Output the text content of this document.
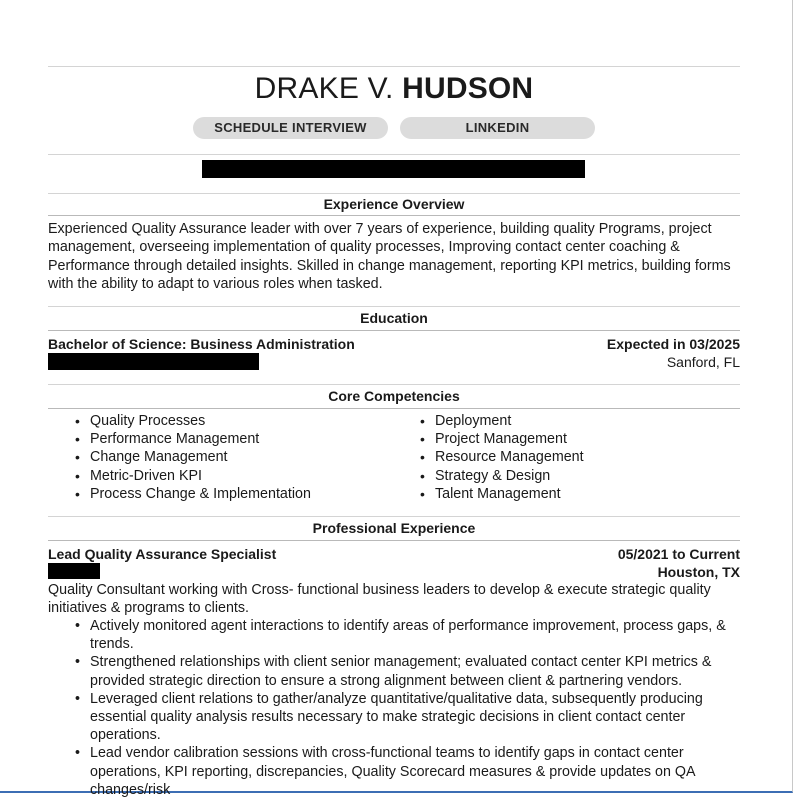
DRAKE V. HUDSON
SCHEDULE INTERVIEW	LINKEDIN
Experience Overview
Experienced Quality Assurance leader with over 7 years of experience, building quality Programs, project management, overseeing implementation of quality processes, Improving contact center coaching & Performance through detailed insights. Skilled in change management, reporting KPI metrics, building forms with the ability to adapt to various roles when tasked.
Education
Bachelor of Science: Business Administration	Expected in 03/2025
Sanford, FL
Core Competencies
• Quality Processes
• Performance Management
• Change Management
• Metric-Driven KPI
• Process Change & Implementation
• Deployment
• Project Management
• Resource Management
• Strategy & Design
• Talent Management
Professional Experience
Lead Quality Assurance Specialist	05/2021 to Current
Houston, TX
Quality Consultant working with Cross- functional business leaders to develop & execute strategic quality initiatives & programs to clients.
• Actively monitored agent interactions to identify areas of performance improvement, process gaps, & trends.
• Strengthened relationships with client senior management; evaluated contact center KPI metrics & provided strategic direction to ensure a strong alignment between client & partnering vendors.
• Leveraged client relations to gather/analyze quantitative/qualitative data, subsequently producing essential quality analysis results necessary to make strategic decisions in client contact center operations.
• Lead vendor calibration sessions with cross-functional teams to identify gaps in contact center operations, KPI reporting, discrepancies, Quality Scorecard measures & provide updates on QA changes/risk
